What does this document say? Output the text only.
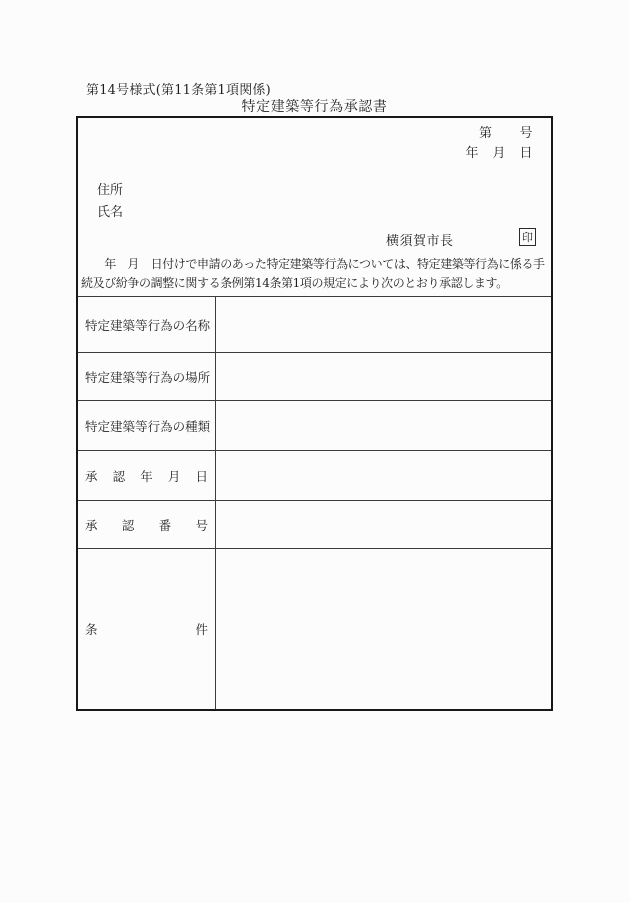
第14号様式(第11条第1項関係)
特定建築等行為承認書
第　　号
年　月　日
住所
氏名
横須賀市長	印
　　年　月　日付けで申請のあった特定建築等行為については、特定建築等行為に係る手
続及び紛争の調整に関する条例第14条第1項の規定により次のとおり承認します。
特 定 建 築 等 行 為 の 名 称
特 定 建 築 等 行 為 の 場 所
特 定 建 築 等 行 為 の 種 類
承 認 年 月 日
承 認 番 号
条	件
